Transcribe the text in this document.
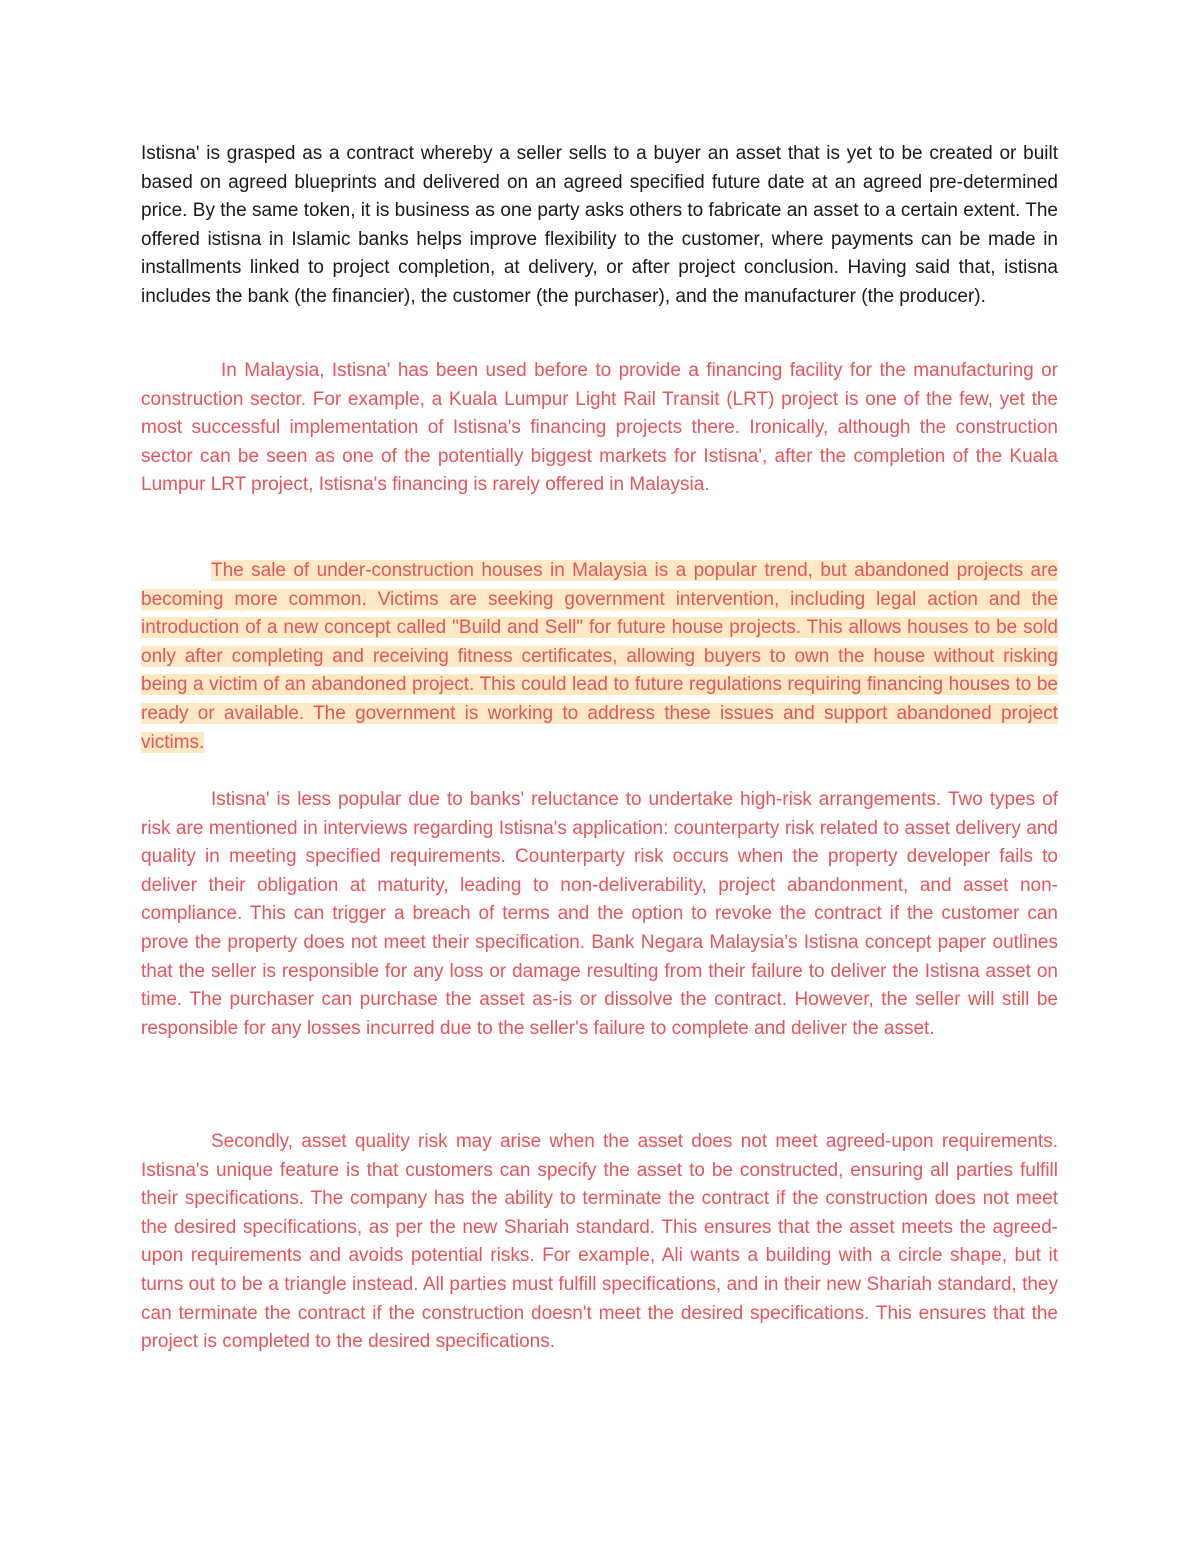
Istisna' is grasped as a contract whereby a seller sells to a buyer an asset that is yet to be created or built based on agreed blueprints and delivered on an agreed specified future date at an agreed pre-determined price. By the same token, it is business as one party asks others to fabricate an asset to a certain extent. The offered istisna in Islamic banks helps improve flexibility to the customer, where payments can be made in installments linked to project completion, at delivery, or after project conclusion. Having said that, istisna includes the bank (the financier), the customer (the purchaser), and the manufacturer (the producer).

In Malaysia, Istisna' has been used before to provide a financing facility for the manufacturing or construction sector. For example, a Kuala Lumpur Light Rail Transit (LRT) project is one of the few, yet the most successful implementation of Istisna's financing projects there. Ironically, although the construction sector can be seen as one of the potentially biggest markets for Istisna', after the completion of the Kuala Lumpur LRT project, Istisna's financing is rarely offered in Malaysia.

The sale of under-construction houses in Malaysia is a popular trend, but abandoned projects are becoming more common. Victims are seeking government intervention, including legal action and the introduction of a new concept called "Build and Sell" for future house projects. This allows houses to be sold only after completing and receiving fitness certificates, allowing buyers to own the house without risking being a victim of an abandoned project. This could lead to future regulations requiring financing houses to be ready or available. The government is working to address these issues and support abandoned project victims.

Istisna' is less popular due to banks' reluctance to undertake high-risk arrangements. Two types of risk are mentioned in interviews regarding Istisna's application: counterparty risk related to asset delivery and quality in meeting specified requirements. Counterparty risk occurs when the property developer fails to deliver their obligation at maturity, leading to non-deliverability, project abandonment, and asset non-compliance. This can trigger a breach of terms and the option to revoke the contract if the customer can prove the property does not meet their specification. Bank Negara Malaysia's Istisna concept paper outlines that the seller is responsible for any loss or damage resulting from their failure to deliver the Istisna asset on time. The purchaser can purchase the asset as-is or dissolve the contract. However, the seller will still be responsible for any losses incurred due to the seller's failure to complete and deliver the asset.

Secondly, asset quality risk may arise when the asset does not meet agreed-upon requirements. Istisna's unique feature is that customers can specify the asset to be constructed, ensuring all parties fulfill their specifications. The company has the ability to terminate the contract if the construction does not meet the desired specifications, as per the new Shariah standard. This ensures that the asset meets the agreed-upon requirements and avoids potential risks. For example, Ali wants a building with a circle shape, but it turns out to be a triangle instead. All parties must fulfill specifications, and in their new Shariah standard, they can terminate the contract if the construction doesn't meet the desired specifications. This ensures that the project is completed to the desired specifications.
